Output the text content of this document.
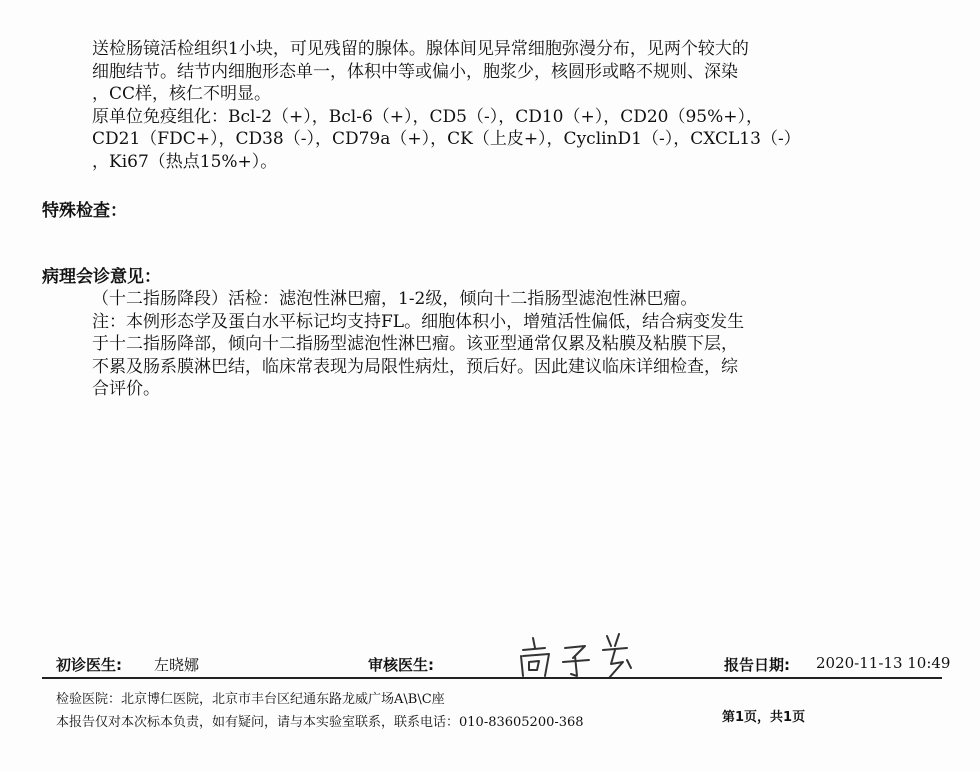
送检肠镜活检组织1小块，可见残留的腺体。腺体间见异常细胞弥漫分布，见两个较大的
细胞结节。结节内细胞形态单一，体积中等或偏小，胞浆少，核圆形或略不规则、深染
，CC样，核仁不明显。
原单位免疫组化：Bcl-2（+），Bcl-6（+），CD5（-），CD10（+），CD20（95%+），
CD21（FDC+），CD38（-），CD79a（+），CK（上皮+），CyclinD1（-），CXCL13（-）
，Ki67（热点15%+）。
特殊检查：
病理会诊意见：
（十二指肠降段）活检：滤泡性淋巴瘤，1-2级，倾向十二指肠型滤泡性淋巴瘤。
注：本例形态学及蛋白水平标记均支持FL。细胞体积小，增殖活性偏低，结合病变发生
于十二指肠降部，倾向十二指肠型滤泡性淋巴瘤。该亚型通常仅累及粘膜及粘膜下层，
不累及肠系膜淋巴结，临床常表现为局限性病灶，预后好。因此建议临床详细检查，综
合评价。
初诊医生: 左晓娜	审核医生:	报告日期: 2020-11-13 10:49
检验医院：北京博仁医院，北京市丰台区纪通东路龙威广场A\B\C座
本报告仅对本次标本负责，如有疑问，请与本实验室联系，联系电话：010-83605200-368	第1页，共1页
